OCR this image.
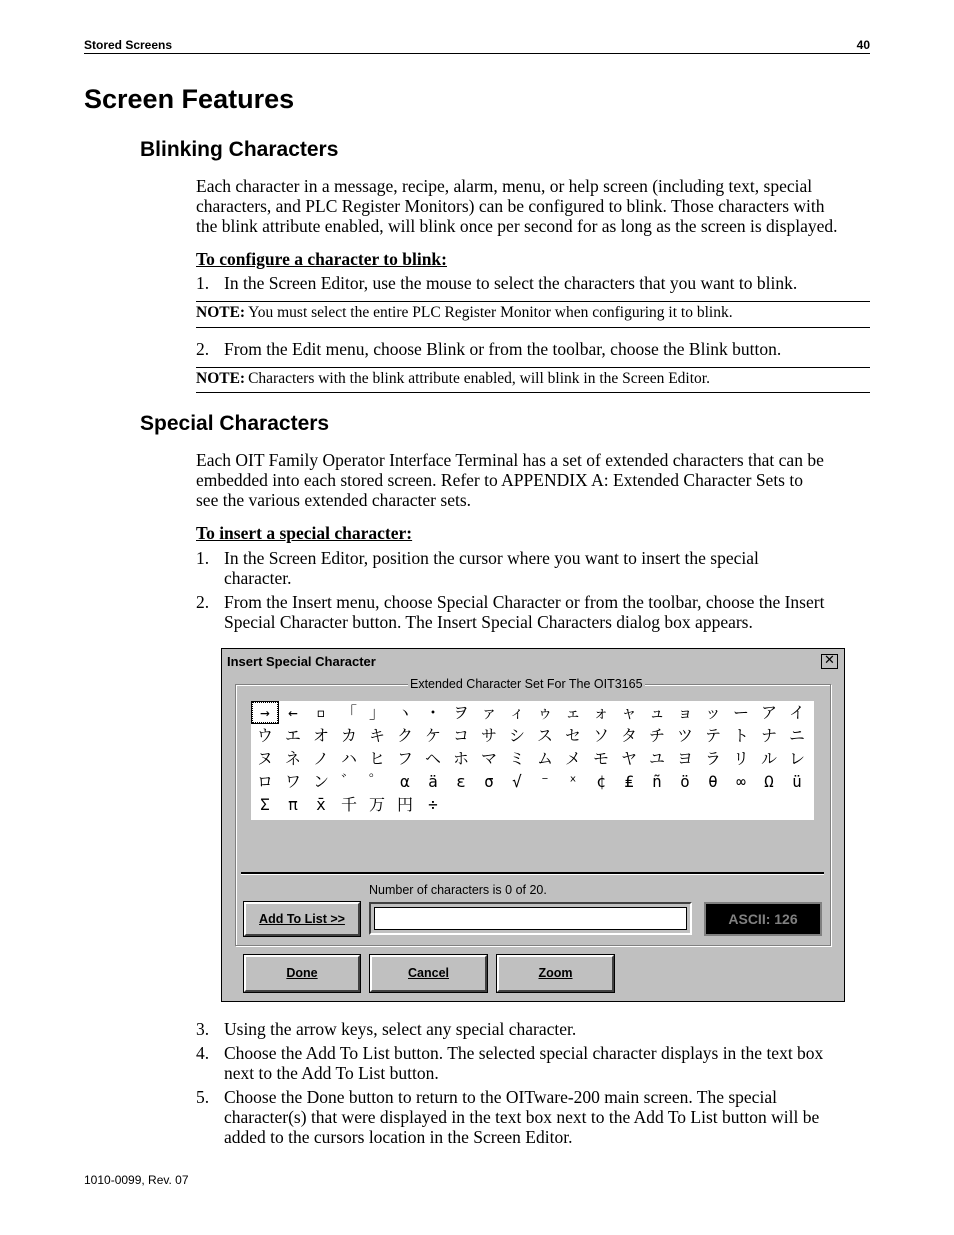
Stored Screens	40
Screen Features
Blinking Characters
Each character in a message, recipe, alarm, menu, or help screen (including text, special
characters, and PLC Register Monitors) can be configured to blink. Those characters with
the blink attribute enabled, will blink once per second for as long as the screen is displayed.
To configure a character to blink:
1. In the Screen Editor, use the mouse to select the characters that you want to blink.
NOTE: You must select the entire PLC Register Monitor when configuring it to blink.
2. From the Edit menu, choose Blink or from the toolbar, choose the Blink button.
NOTE: Characters with the blink attribute enabled, will blink in the Screen Editor.
Special Characters
Each OIT Family Operator Interface Terminal has a set of extended characters that can be
embedded into each stored screen. Refer to APPENDIX A: Extended Character Sets to
see the various extended character sets.
To insert a special character:
1. In the Screen Editor, position the cursor where you want to insert the special
character.
2. From the Insert menu, choose Special Character or from the toolbar, choose the Insert
Special Character button. The Insert Special Characters dialog box appears.
Insert Special Character	✕
Extended Character Set For The OIT3165
→	←	▫ 「 」 ヽ ・ ヲ ァ ィ ゥ ェ ォ ャ ュ ョ ッ ー ア イ
ウ エ オ カ キ ク ケ コ サ シ ス セ ソ タ チ ツ テ ト ナ ニ
ヌ ネ ノ ハ ヒ フ ヘ ホ マ ミ ム メ モ ヤ ユ ヨ ラ リ ル レ
ロ ワ ン ゛ ゜ α	ä	ε	σ	√	⁻	ˣ	¢	₤	ñ	ö	θ	∞	Ω	ü
Σ	π	x̄ 千 万 円 ÷
Number of characters is 0 of 20.
Add To List >>	ASCII: 126
Done	Cancel	Zoom
3. Using the arrow keys, select any special character.
4. Choose the Add To List button. The selected special character displays in the text box
next to the Add To List button.
5. Choose the Done button to return to the OITware-200 main screen. The special
character(s) that were displayed in the text box next to the Add To List button will be
added to the cursors location in the Screen Editor.
1010-0099, Rev. 07
